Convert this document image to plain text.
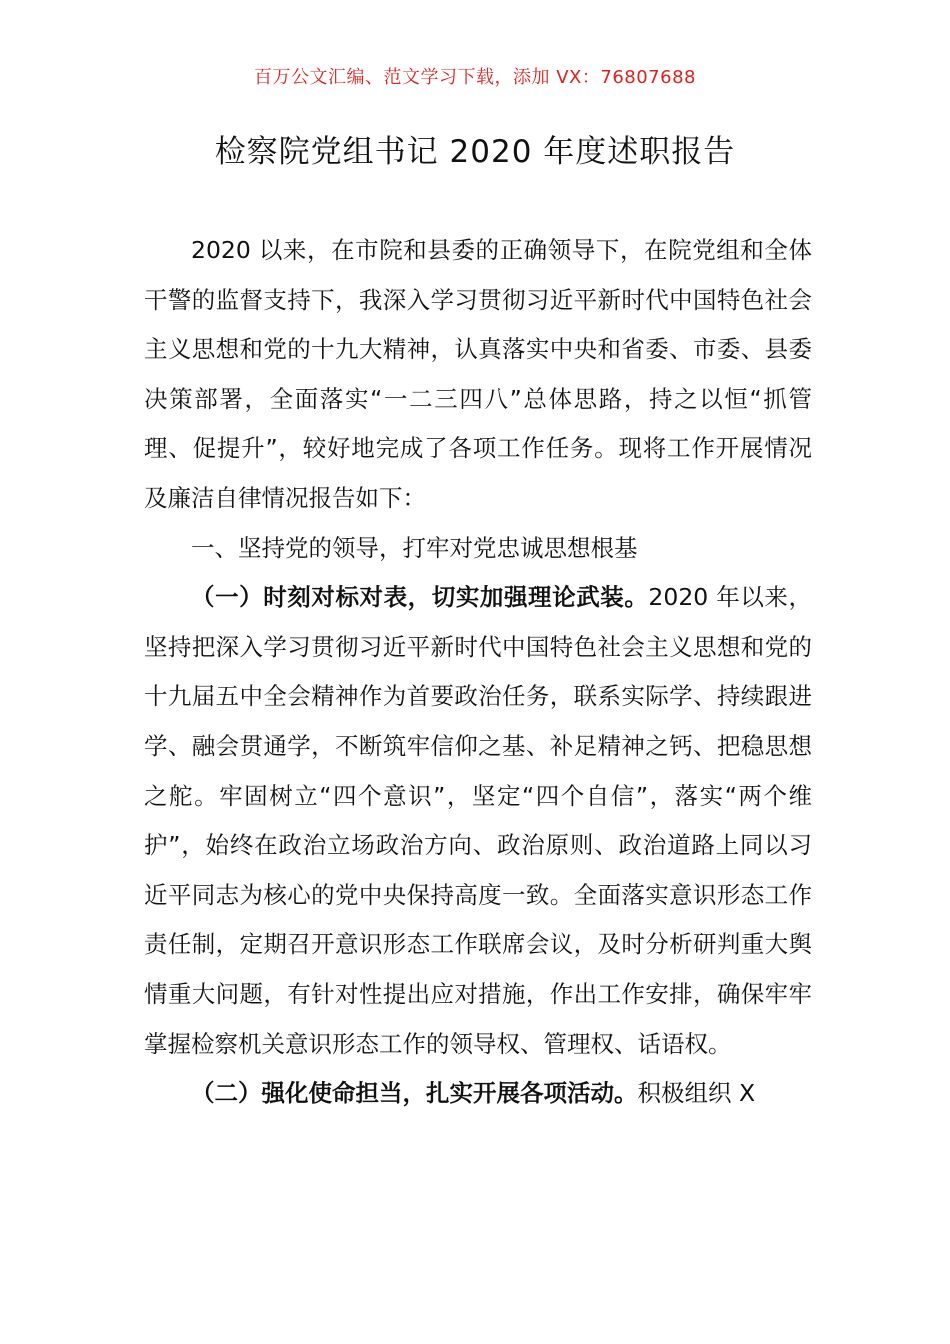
百万公文汇编、范文学习下载，添加 VX：76807688
检察院党组书记 2020 年度述职报告

2020 以来，在市院和县委的正确领导下，在院党组和全体干警的监督支持下，我深入学习贯彻习近平新时代中国特色社会主义思想和党的十九大精神，认真落实中央和省委、市委、县委决策部署，全面落实“一二三四八”总体思路，持之以恒“抓管理、促提升”，较好地完成了各项工作任务。现将工作开展情况及廉洁自律情况报告如下：

一、坚持党的领导，打牢对党忠诚思想根基

（一）时刻对标对表，切实加强理论武装。2020 年以来，坚持把深入学习贯彻习近平新时代中国特色社会主义思想和党的十九届五中全会精神作为首要政治任务，联系实际学、持续跟进学、融会贯通学，不断筑牢信仰之基、补足精神之钙、把稳思想之舵。牢固树立“四个意识”，坚定“四个自信”，落实“两个维护”，始终在政治立场政治方向、政治原则、政治道路上同以习近平同志为核心的党中央保持高度一致。全面落实意识形态工作责任制，定期召开意识形态工作联席会议，及时分析研判重大舆情重大问题，有针对性提出应对措施，作出工作安排，确保牢牢掌握检察机关意识形态工作的领导权、管理权、话语权。

（二）强化使命担当，扎实开展各项活动。积极组织 X
